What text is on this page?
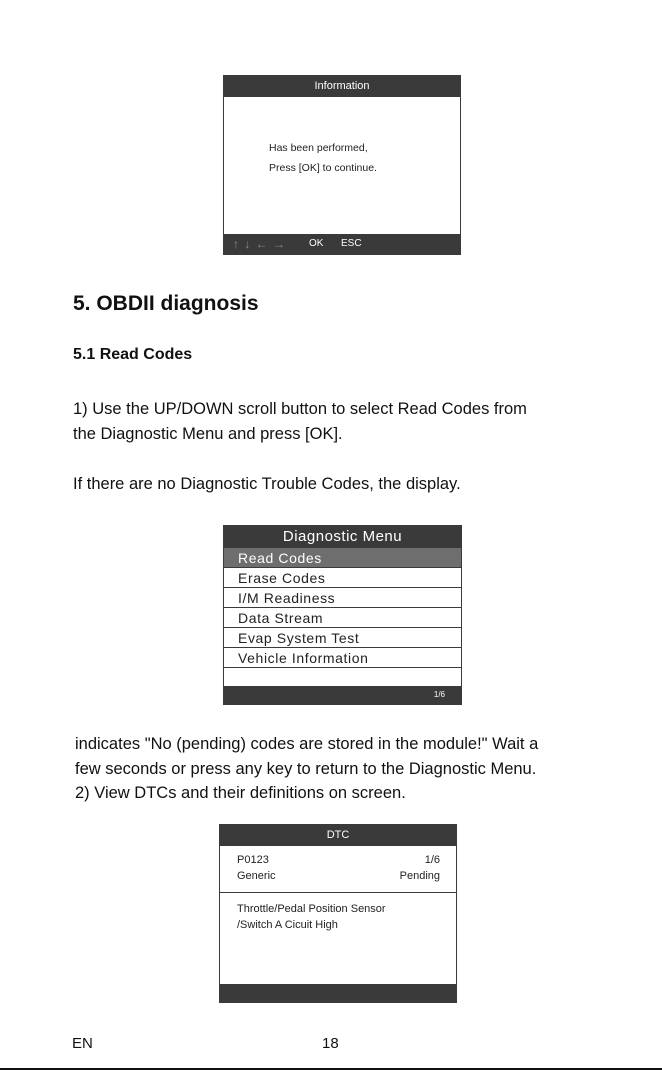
Information
Has been performed,
Press [OK] to continue.
↑ ↓ ← → OK ESC
5. OBDII diagnosis
5.1 Read Codes
1) Use the UP/DOWN scroll button to select Read Codes from
the Diagnostic Menu and press [OK].
If there are no Diagnostic Trouble Codes, the display.
Diagnostic Menu
Read Codes
Erase Codes
I/M Readiness
Data Stream
Evap System Test
Vehicle Information
1/6
indicates "No (pending) codes are stored in the module!" Wait a
few seconds or press any key to return to the Diagnostic Menu.
2) View DTCs and their definitions on screen.
DTC
P0123	1/6
Generic	Pending
Throttle/Pedal Position Sensor
/Switch A Cicuit High
EN	18
